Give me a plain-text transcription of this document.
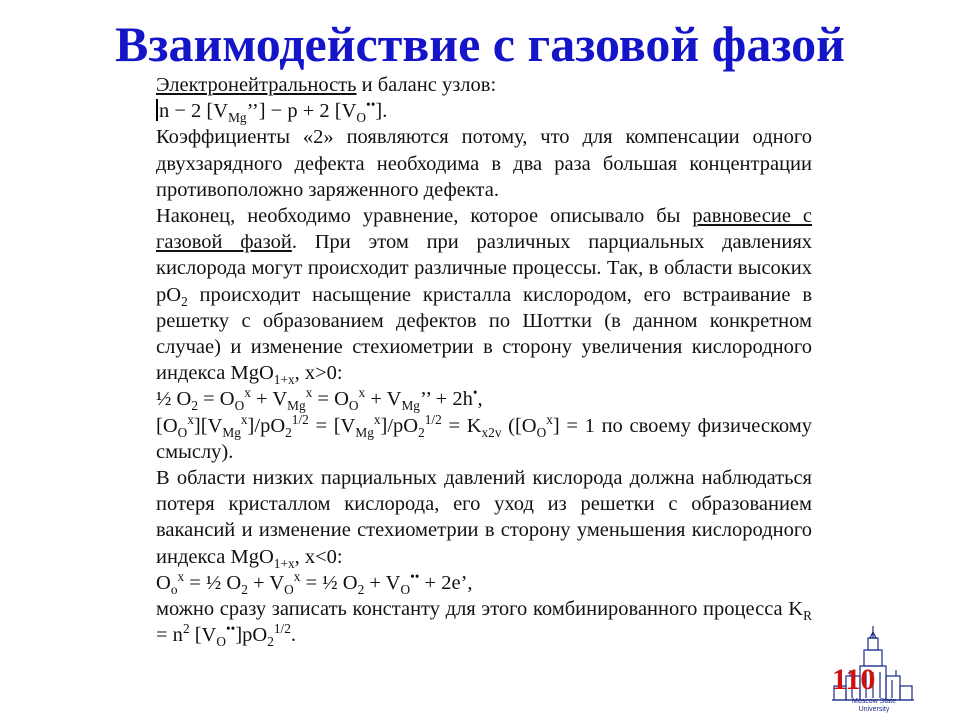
Взаимодействие с газовой фазой

Электронейтральность и баланс узлов:

n − 2 $[V_{Mg}’’] - p + 2$ $[V_O^{••}]$.

Коэффициенты «2» появляются потому, что для компенсации одного двухзарядного дефекта необходима в два раза большая концентрации противоположно заряженного дефекта.

Наконец, необходимо уравнение, которое описывало бы равновесие с газовой фазой. При этом при различных парциальных давлениях кислорода могут происходит различные процессы. Так, в области высоких $pO_2$ происходит насыщение кристалла кислородом, его встраивание в решетку с образованием дефектов по Шоттки (в данном конкретном случае) и изменение стехиометрии в сторону увеличения кислородного индекса MgO$_{1+x}$, x>0:

½ $O_2 = O_O^x + V_{Mg}^x = O_O^x + V_{Mg}$’’ + 2h•,

$[O_O^x][V_{Mg}^x]/pO_2^{1/2} = [V_{Mg}^x]/pO_2^{1/2} = K_{x2v}$ ($[O_O^x] = 1$ по своему физическому смыслу).

В области низких парциальных давлений кислорода должна наблюдаться потеря кристаллом кислорода, его уход из решетки с образованием вакансий и изменение стехиометрии в сторону уменьшения кислородного индекса MgO$_{1+x}$, x<0:

$O_o^x$ = ½ $O_2 + V_O^x$ = ½ $O_2 + V_O^{••} + 2e$’,

можно сразу записать константу для этого комбинированного процесса $K_R = n^2$ $[V_O^{••}]pO_2^{1/2}$.

110
Moscow State
University
